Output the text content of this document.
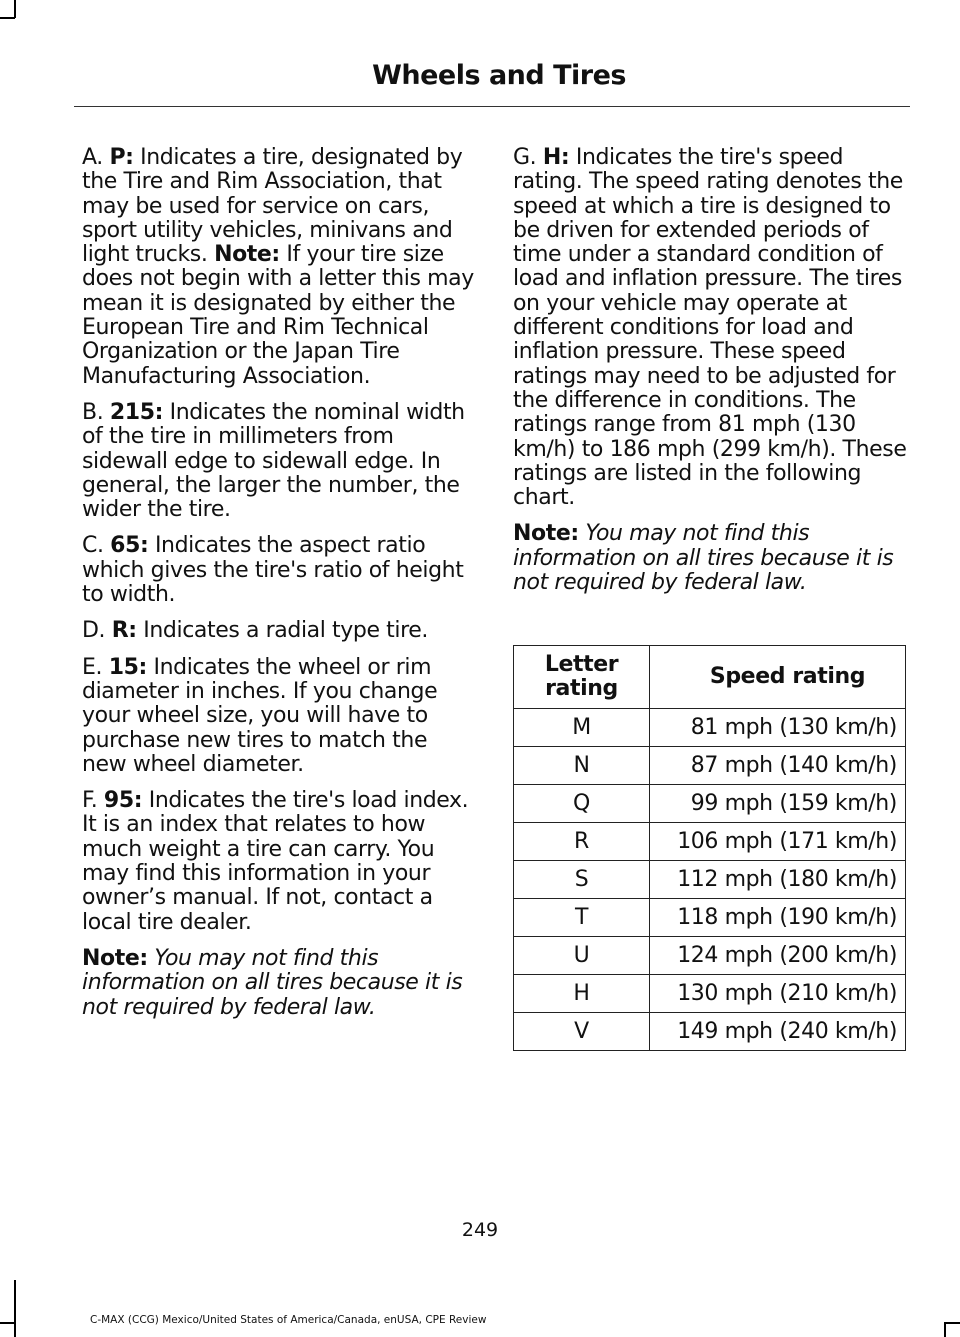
Wheels and Tires

A. P: Indicates a tire, designated by the Tire and Rim Association, that may be used for service on cars, sport utility vehicles, minivans and light trucks. Note: If your tire size does not begin with a letter this may mean it is designated by either the European Tire and Rim Technical Organization or the Japan Tire Manufacturing Association.

B. 215: Indicates the nominal width of the tire in millimeters from sidewall edge to sidewall edge. In general, the larger the number, the wider the tire.

C. 65: Indicates the aspect ratio which gives the tire's ratio of height to width.

D. R: Indicates a radial type tire.

E. 15: Indicates the wheel or rim diameter in inches. If you change your wheel size, you will have to purchase new tires to match the new wheel diameter.

F. 95: Indicates the tire's load index. It is an index that relates to how much weight a tire can carry. You may find this information in your owner’s manual. If not, contact a local tire dealer.

Note: You may not find this information on all tires because it is not required by federal law.

G. H: Indicates the tire's speed rating. The speed rating denotes the speed at which a tire is designed to be driven for extended periods of time under a standard condition of load and inflation pressure. The tires on your vehicle may operate at different conditions for load and inflation pressure. These speed ratings may need to be adjusted for the difference in conditions. The ratings range from 81 mph (130 km/h) to 186 mph (299 km/h). These ratings are listed in the following chart.

Note: You may not find this information on all tires because it is not required by federal law.

Letter rating	Speed rating
M	81 mph (130 km/h)
N	87 mph (140 km/h)
Q	99 mph (159 km/h)
R	106 mph (171 km/h)
S	112 mph (180 km/h)
T	118 mph (190 km/h)
U	124 mph (200 km/h)
H	130 mph (210 km/h)
V	149 mph (240 km/h)
249
C-MAX (CCG) Mexico/United States of America/Canada, enUSA, CPE Review
